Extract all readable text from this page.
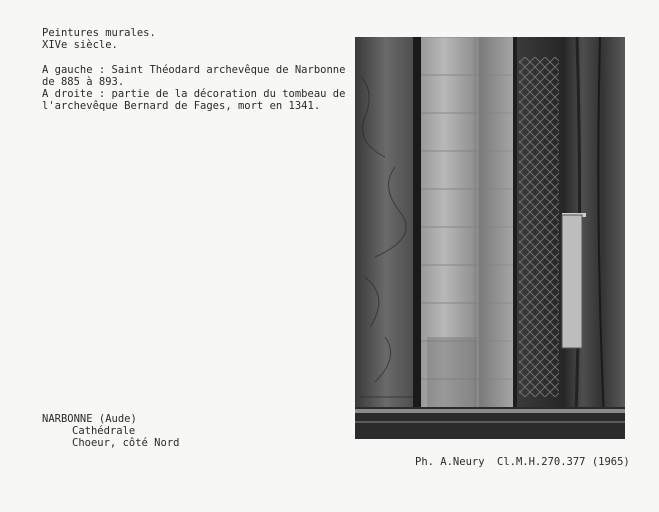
Peintures murales.
XIVe siècle.
A gauche : Saint Théodard archevêque de Narbonne
de 885 à 893.
A droite : partie de la décoration du tombeau de
l'archevêque Bernard de Fages, mort en 1341.
NARBONNE (Aude)
Cathédrale
Choeur, côté Nord
Ph. A.Neury Cl.M.H.270.377 (1965)
